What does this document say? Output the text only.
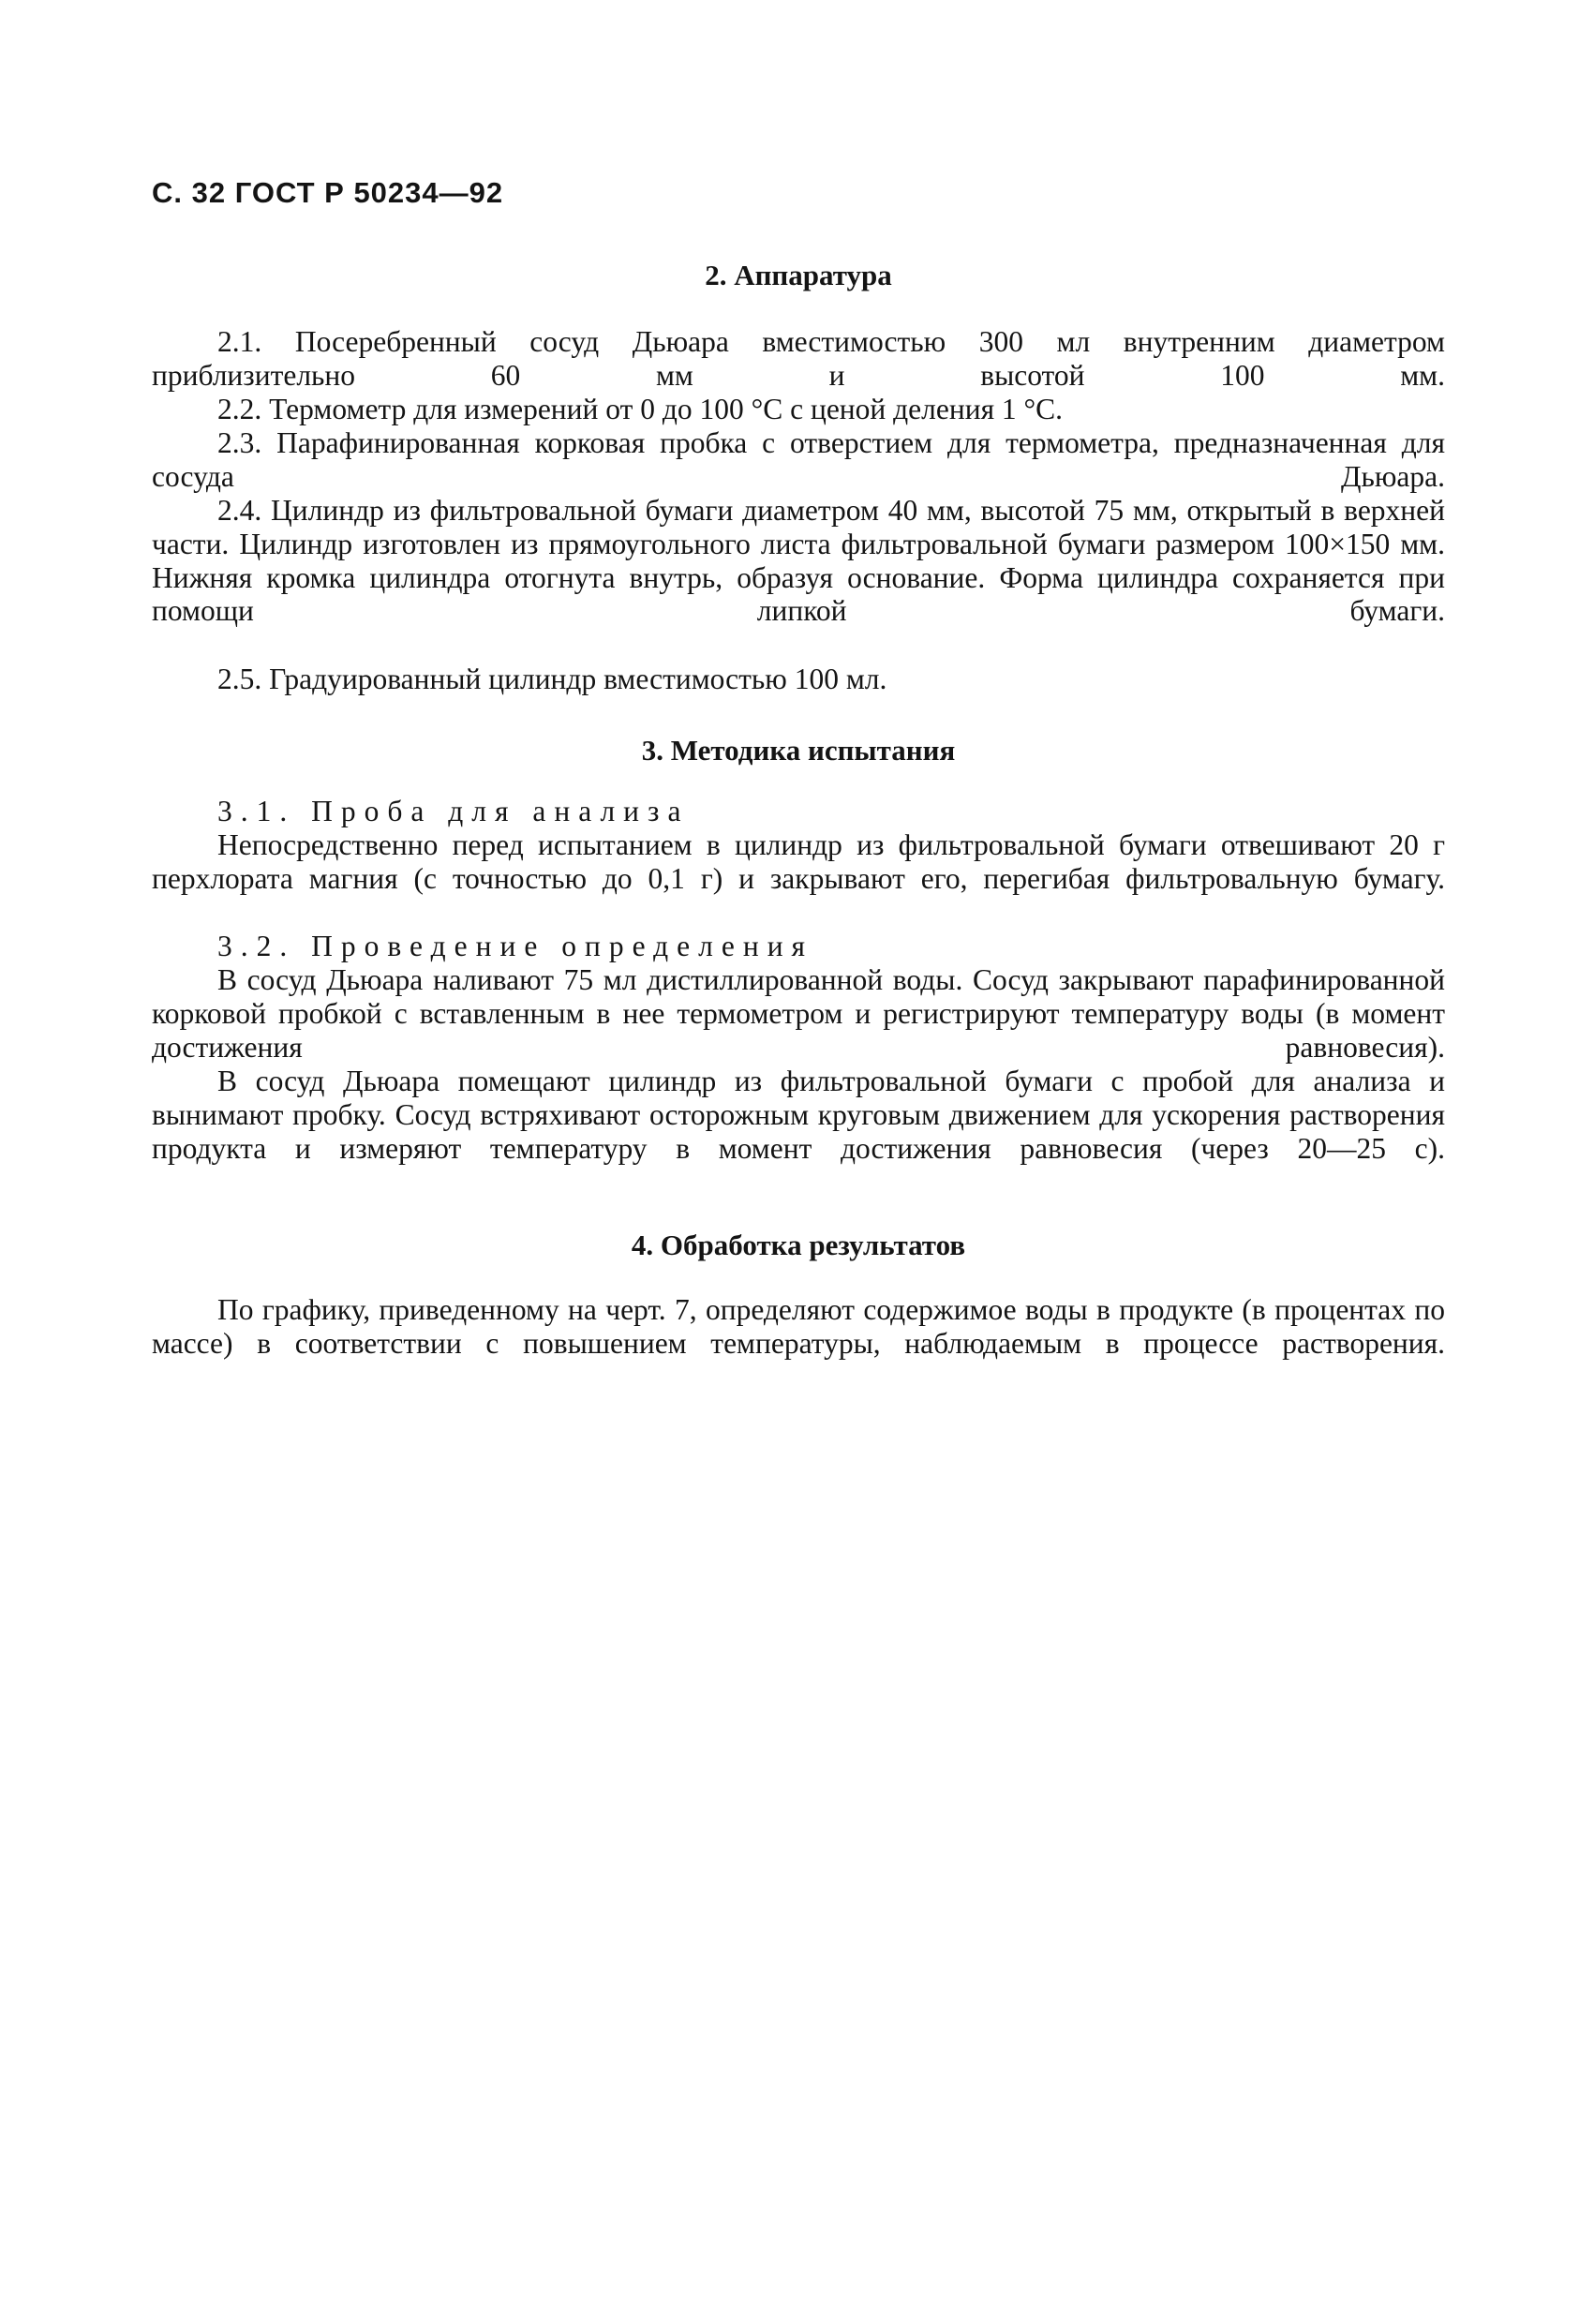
С. 32 ГОСТ Р 50234—92
2. Аппаратура
2.1. Посеребренный сосуд Дьюара вместимостью 300 мл внутренним диаметром приблизительно 60 мм и высотой 100 мм.
2.2. Термометр для измерений от 0 до 100 °С с ценой деления 1 °С.
2.3. Парафинированная корковая пробка с отверстием для термометра, предназначенная для сосуда Дьюара.
2.4. Цилиндр из фильтровальной бумаги диаметром 40 мм, высотой 75 мм, открытый в верхней части. Цилиндр изготовлен из прямоугольного листа фильтровальной бумаги размером 100×150 мм. Нижняя кромка цилиндра отогнута внутрь, образуя основание. Форма цилиндра сохраняется при помощи липкой бумаги.
2.5. Градуированный цилиндр вместимостью 100 мл.
3. Методика испытания
3.1. Проба для анализа
Непосредственно перед испытанием в цилиндр из фильтровальной бумаги отвешивают 20 г перхлората магния (с точностью до 0,1 г) и закрывают его, перегибая фильтровальную бумагу.
3.2. Проведение определения
В сосуд Дьюара наливают 75 мл дистиллированной воды. Сосуд закрывают парафинированной корковой пробкой с вставленным в нее термометром и регистрируют температуру воды (в момент достижения равновесия).
В сосуд Дьюара помещают цилиндр из фильтровальной бумаги с пробой для анализа и вынимают пробку. Сосуд встряхивают осторожным круговым движением для ускорения растворения продукта и измеряют температуру в момент достижения равновесия (через 20—25 с).
4. Обработка результатов
По графику, приведенному на черт. 7, определяют содержимое воды в продукте (в процентах по массе) в соответствии с повышением температуры, наблюдаемым в процессе растворения.
